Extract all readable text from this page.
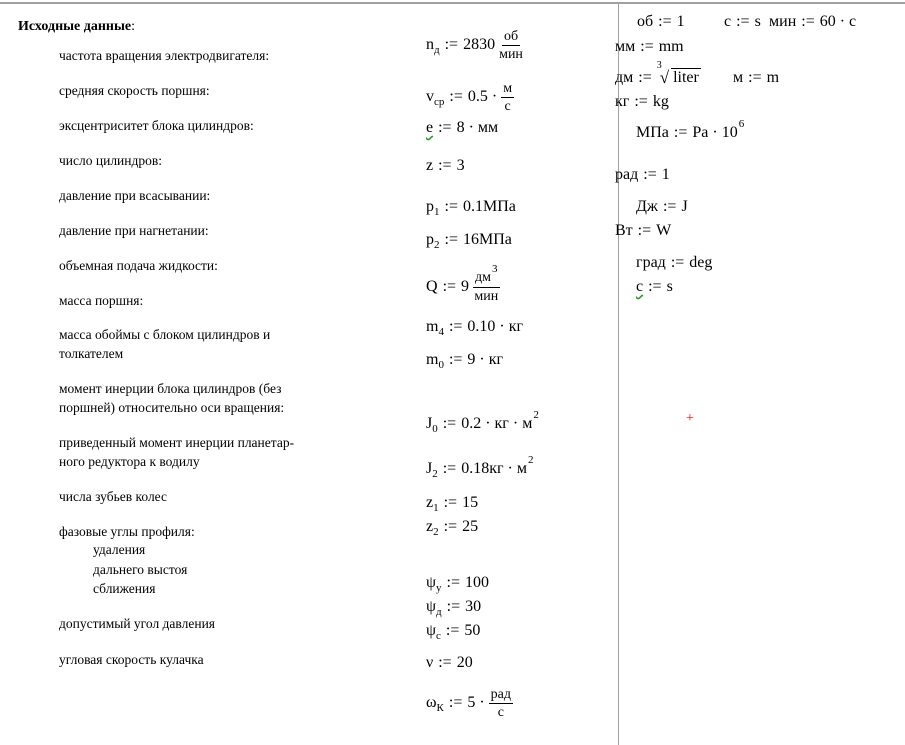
Исходные данные:
частота вращения электродвигателя:
средняя скорость поршня:
эксцентриситет блока цилиндров:
число цилиндров:
давление при всасывании:
давление при нагнетании:
объемная подача жидкости:
масса поршня:
масса обоймы с блоком цилиндров и
толкателем
момент инерции блока цилиндров (без
поршней) относительно оси вращения:
приведенный момент инерции планетар-
ного редуктора к водилу
числа зубьев колес
фазовые углы профиля:
удаления
дальнего выстоя
сближения
допустимый угол давления
угловая скорость кулачка
$n_д$ := $2830 \frac{об}{\text{мин}}$
$v_{ср}$ := $0.5 \cdot \frac{м}{с}$
e := 8 · мм
z := 3
$p_1$ := 0.1МПа
$p_2$ := 16МПа
Q := $9 \frac{дм^3}{\text{мин}}$
$m_4$ := 0.10 · кг
$m_0$ := 9 · кг
$J_0$ := 0.2 · кг · м 2
$J_2$ := 0.18кг · м 2
$z_1$ := 15
$z_2$ := 25
$\psi_у$ := 100
$\psi_д$ := 30
$\psi_с$ := 50
ν := 20
$\omega_К$ := $5 \cdot \frac{\text{рад}}{с}$
об := 1 с := s мин := 60 · с
мм := mm
дм :=
3
√ liter м := m
кг := kg
МПа := Pa · 10 6
рад := 1
Дж := J
Вт := W
град := deg
с := s
+
